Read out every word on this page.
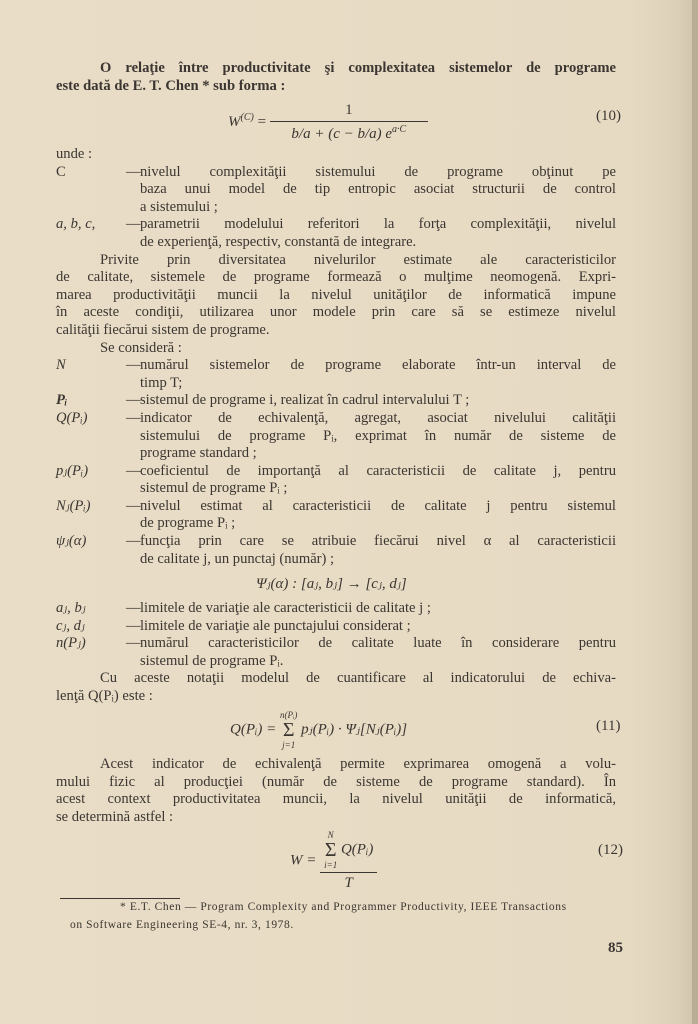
O relaţie între productivitate şi complexitatea sistemelor de programe
este dată de E. T. Chen * sub forma :
$W^{(C)} = \frac{1}{b/a + (c - b/a) e^{a\cdot C}}$	(10)
unde :
C	— nivelul complexităţii sistemului de programe obţinut pe
baza unui model de tip entropic asociat structurii de control
a sistemului ;
a, b, c,	— parametrii modelului referitori la forţa complexităţii, nivelul
de experienţă, respectiv, constantă de integrare.
Privite prin diversitatea nivelurilor estimate ale caracteristicilor
de calitate, sistemele de programe formează o mulţime neomogenă. Expri-
marea productivităţii muncii la nivelul unităţilor de informatică impune
în aceste condiţii, utilizarea unor modele prin care să se estimeze nivelul
calităţii fiecărui sistem de programe.
Se consideră :
N	— numărul sistemelor de programe elaborate într-un interval de
timp T;
Pᵢ	— sistemul de programe i, realizat în cadrul intervalului T ;
Q(Pᵢ)	— indicator de echivalenţă, agregat, asociat nivelului calităţii
sistemului de programe Pᵢ, exprimat în număr de sisteme de
programe standard ;
pⱼ(Pᵢ)	— coeficientul de importanţă al caracteristicii de calitate j, pentru
sistemul de programe Pᵢ ;
Nⱼ(Pᵢ)	— nivelul estimat al caracteristicii de calitate j pentru sistemul
de programe Pᵢ ;
ψⱼ(α)	— funcţia prin care se atribuie fiecărui nivel α al caracteristicii
de calitate j, un punctaj (număr) ;
Ψⱼ(α) : [aⱼ, bⱼ] → [cⱼ, dⱼ]
aⱼ, bⱼ	— limitele de variaţie ale caracteristicii de calitate j ;
cⱼ, dⱼ	— limitele de variaţie ale punctajului considerat ;
n(Pⱼ)	— numărul caracteristicilor de calitate luate în considerare pentru
sistemul de programe Pᵢ.
Cu aceste notaţii modelul de cuantificare al indicatorului de echiva-
lenţă Q(Pᵢ) este :
Q(Pᵢ) =
n(Pᵢ)
Σ
j=1
pⱼ(Pᵢ) · Ψⱼ[Nⱼ(Pᵢ)]	(11)
Acest indicator de echivalenţă permite exprimarea omogenă a volu-
mului fizic al producţiei (număr de sisteme de programe standard). În
acest context productivitatea muncii, la nivelul unităţii de informatică,
se determină astfel :
W = N
Σ
i=1
Q(Pᵢ)
T	(12)
* E.T. Chen — Program Complexity and Programmer Productivity, IEEE Transactions
on Software Engineering SE-4, nr. 3, 1978.
85
